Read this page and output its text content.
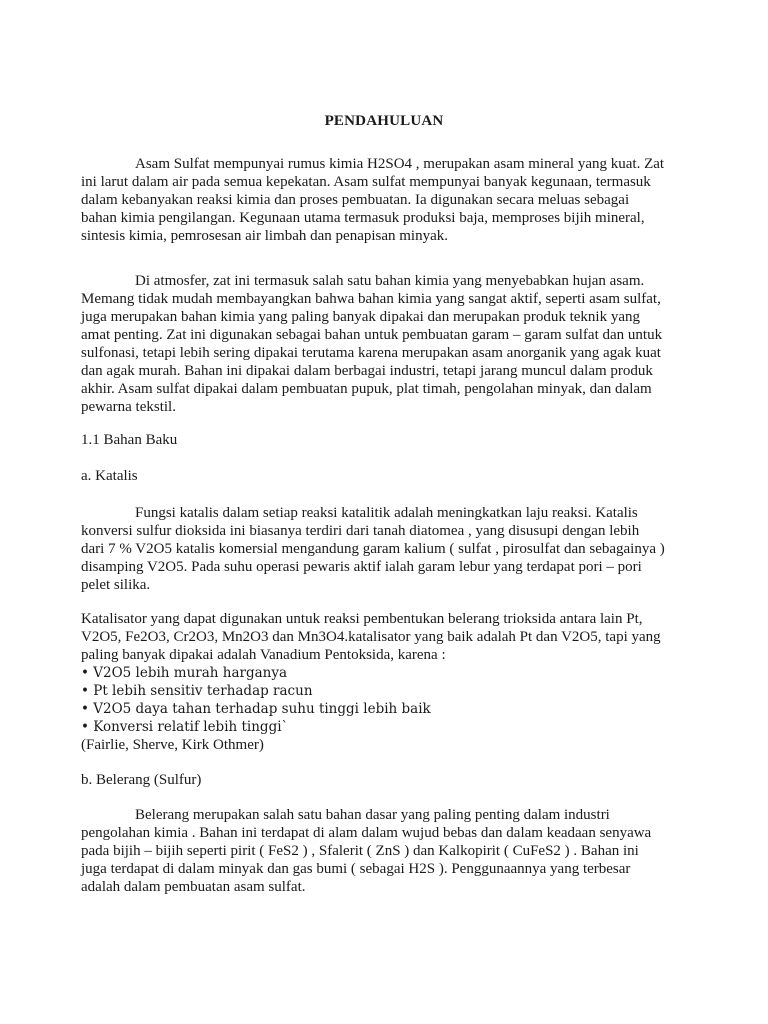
PENDAHULUAN
Asam Sulfat mempunyai rumus kimia H2SO4 , merupakan asam mineral yang kuat. Zat
ini larut dalam air pada semua kepekatan. Asam sulfat mempunyai banyak kegunaan, termasuk
dalam kebanyakan reaksi kimia dan proses pembuatan. Ia digunakan secara meluas sebagai
bahan kimia pengilangan. Kegunaan utama termasuk produksi baja, memproses bijih mineral,
sintesis kimia, pemrosesan air limbah dan penapisan minyak.
Di atmosfer, zat ini termasuk salah satu bahan kimia yang menyebabkan hujan asam.
Memang tidak mudah membayangkan bahwa bahan kimia yang sangat aktif, seperti asam sulfat,
juga merupakan bahan kimia yang paling banyak dipakai dan merupakan produk teknik yang
amat penting. Zat ini digunakan sebagai bahan untuk pembuatan garam – garam sulfat dan untuk
sulfonasi, tetapi lebih sering dipakai terutama karena merupakan asam anorganik yang agak kuat
dan agak murah. Bahan ini dipakai dalam berbagai industri, tetapi jarang muncul dalam produk
akhir. Asam sulfat dipakai dalam pembuatan pupuk, plat timah, pengolahan minyak, dan dalam
pewarna tekstil.
1.1 Bahan Baku
a. Katalis
Fungsi katalis dalam setiap reaksi katalitik adalah meningkatkan laju reaksi. Katalis
konversi sulfur dioksida ini biasanya terdiri dari tanah diatomea , yang disusupi dengan lebih
dari 7 % V2O5 katalis komersial mengandung garam kalium ( sulfat , pirosulfat dan sebagainya )
disamping V2O5. Pada suhu operasi pewaris aktif ialah garam lebur yang terdapat pori – pori
pelet silika.
Katalisator yang dapat digunakan untuk reaksi pembentukan belerang trioksida antara lain Pt,
V2O5, Fe2O3, Cr2O3, Mn2O3 dan Mn3O4.katalisator yang baik adalah Pt dan V2O5, tapi yang
paling banyak dipakai adalah Vanadium Pentoksida, karena :
• V2O5 lebih murah harganya
• Pt lebih sensitiv terhadap racun
• V2O5 daya tahan terhadap suhu tinggi lebih baik
• Konversi relatif lebih tinggi`
(Fairlie, Sherve, Kirk Othmer)
b. Belerang (Sulfur)
Belerang merupakan salah satu bahan dasar yang paling penting dalam industri
pengolahan kimia . Bahan ini terdapat di alam dalam wujud bebas dan dalam keadaan senyawa
pada bijih – bijih seperti pirit ( FeS2 ) , Sfalerit ( ZnS ) dan Kalkopirit ( CuFeS2 ) . Bahan ini
juga terdapat di dalam minyak dan gas bumi ( sebagai H2S ). Penggunaannya yang terbesar
adalah dalam pembuatan asam sulfat.
